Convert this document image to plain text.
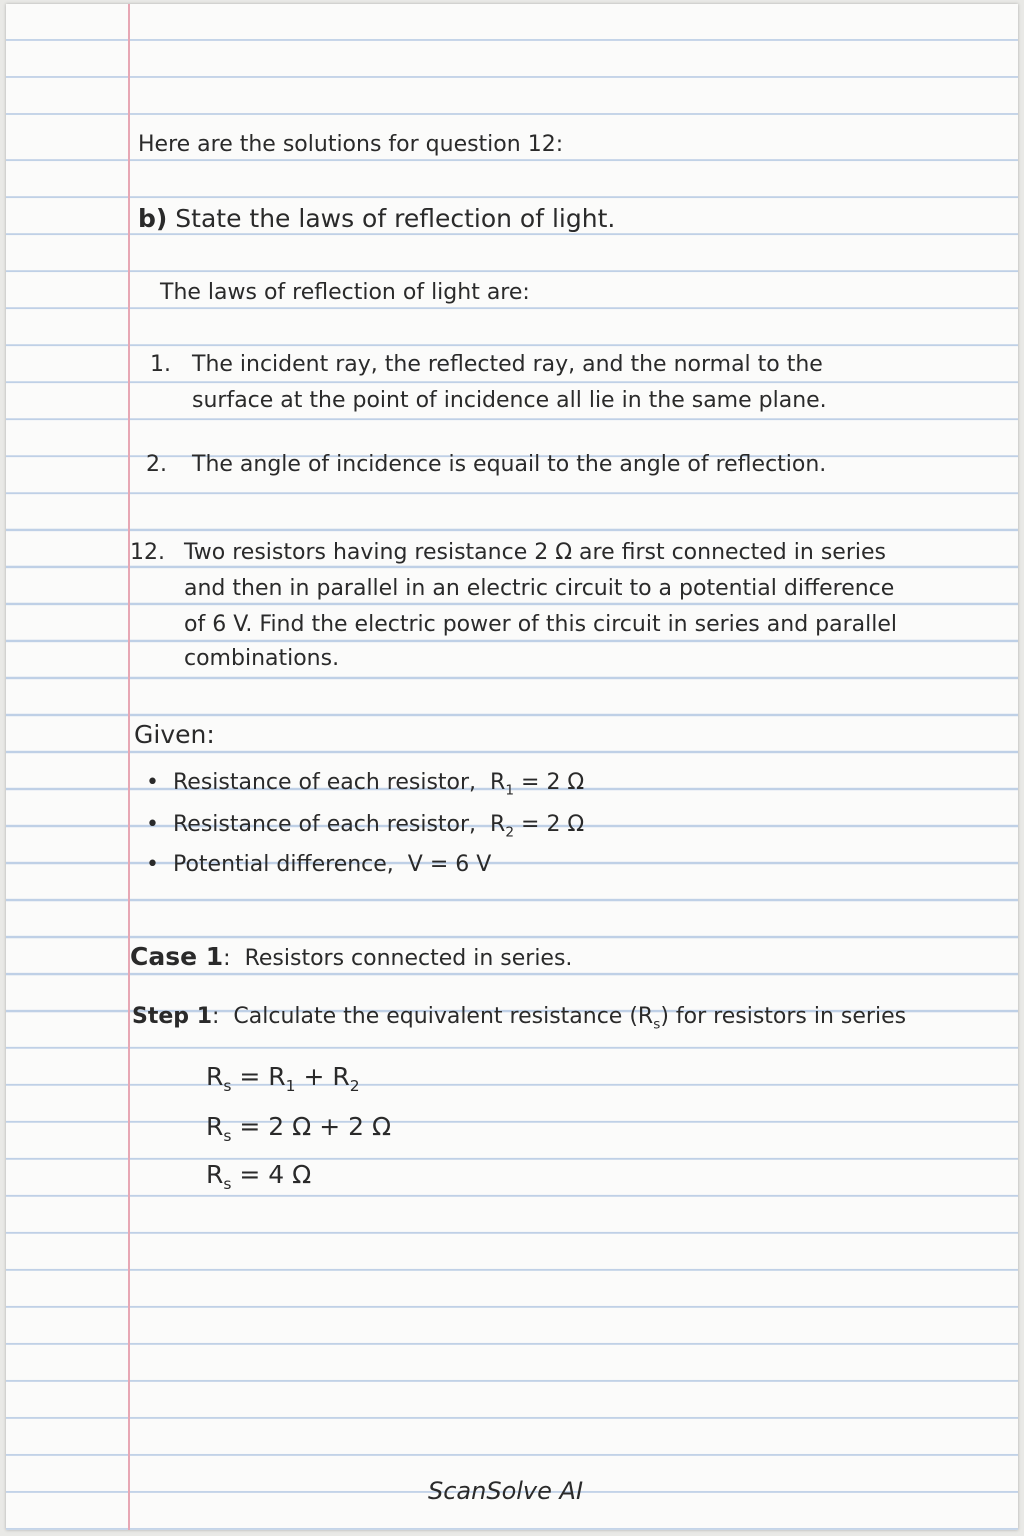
Here are the solutions for question 12:
b) State the laws of reflection of light.
The laws of reflection of light are:
1. The incident ray, the reflected ray, and the normal to the
surface at the point of incidence all lie in the same plane.
2. The angle of incidence is equail to the angle of reflection.
12. Two resistors having resistance 2 Ω are first connected in series
and then in parallel in an electric circuit to a potential difference
of 6 V. Find the electric power of this circuit in series and parallel
combinations.
Given:
• Resistance of each resistor, $R_1 = 2$ Ω
• Resistance of each resistor, $R_2 = 2$ Ω
• Potential difference, V = 6 V
Case 1: Resistors connected in series.
Step 1: Calculate the equivalent resistance $(R_s)$ for resistors in series
$R_s = R_1 + R_2$
$R_s = 2$ Ω + 2 Ω
$R_s = 4$ Ω
ScanSolve AI
